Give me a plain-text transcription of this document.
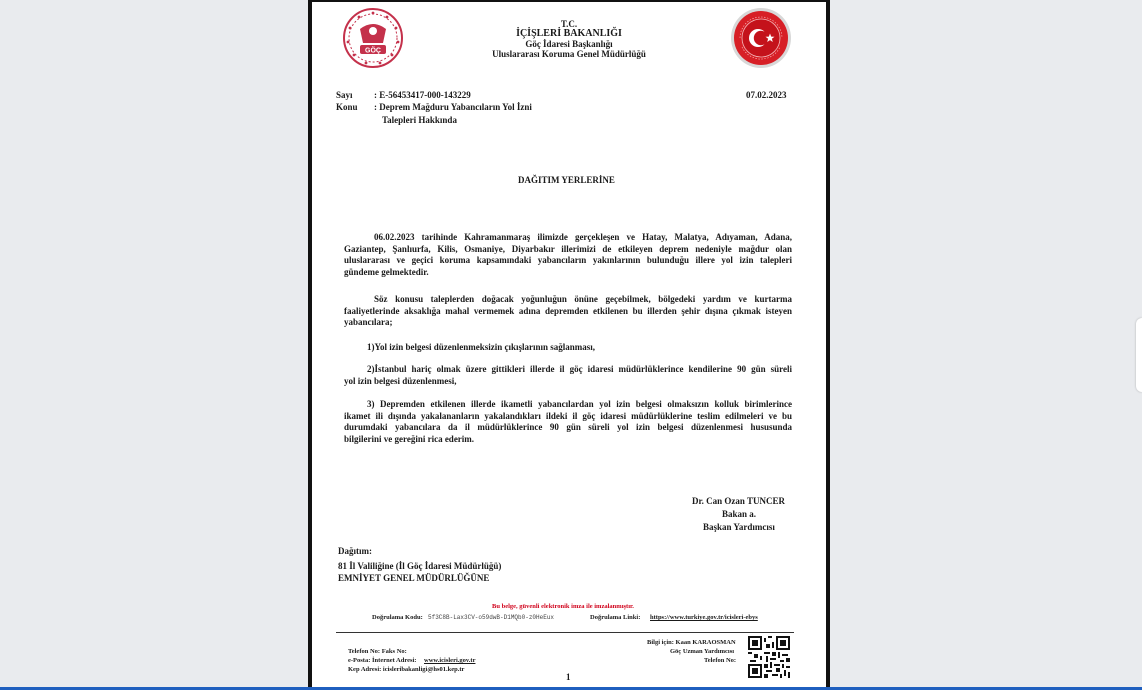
GÖÇ
T.C.
İÇİŞLERİ BAKANLIĞI
Göç İdaresi Başkanlığı
Uluslararası Koruma Genel Müdürlüğü
Sayı : E-56453417-000-143229	07.02.2023
Konu : Deprem Mağduru Yabancıların Yol İzni
Talepleri Hakkında
DAĞITIM YERLERİNE
06.02.2023 tarihinde Kahramanmaraş ilimizde gerçekleşen ve Hatay, Malatya, Adıyaman, Adana,
Gaziantep, Şanlıurfa, Kilis, Osmaniye, Diyarbakır illerimizi de etkileyen deprem nedeniyle mağdur olan
uluslararası ve geçici koruma kapsamındaki yabancıların yakınlarının bulunduğu illere yol izin talepleri
gündeme gelmektedir.
Söz konusu taleplerden doğacak yoğunluğun önüne geçebilmek, bölgedeki yardım ve kurtarma
faaliyetlerinde aksaklığa mahal vermemek adına depremden etkilenen bu illerden şehir dışına çıkmak isteyen
yabancılara;
1)Yol izin belgesi düzenlenmeksizin çıkışlarının sağlanması,
2)İstanbul hariç olmak üzere gittikleri illerde il göç idaresi müdürlüklerince kendilerine 90 gün süreli
yol izin belgesi düzenlenmesi,
3) Depremden etkilenen illerde ikametli yabancılardan yol izin belgesi olmaksızın kolluk birimlerince
ikamet ili dışında yakalananların yakalandıkları ildeki il göç idaresi müdürlüklerine teslim edilmeleri ve bu
durumdaki yabancılara da il müdürlüklerince 90 gün süreli yol izin belgesi düzenlenmesi hususunda
bilgilerini ve gereğini rica ederim.
Dr. Can Ozan TUNCER
Bakan a.
Başkan Yardımcısı
Dağıtım:
81 İl Valiliğine (İl Göç İdaresi Müdürlüğü)
EMNİYET GENEL MÜDÜRLÜĞÜNE
Bu belge, güvenli elektronik imza ile imzalanmıştır.
Doğrulama Kodu: 5f3C8B-Lax3CV-o59dwB-D1MQb0-z0HeEux	Doğrulama Linki: https://www.turkiye.gov.tr/icisleri-ebys
Telefon No: Faks No:
e-Posta: İnternet Adresi: www.icisleri.gov.tr
Kep Adresi: icisleribakanligi@hs01.kep.tr
Bilgi için: Kaan KARAOSMAN
Göç Uzman Yardımcısı
Telefon No:
1
